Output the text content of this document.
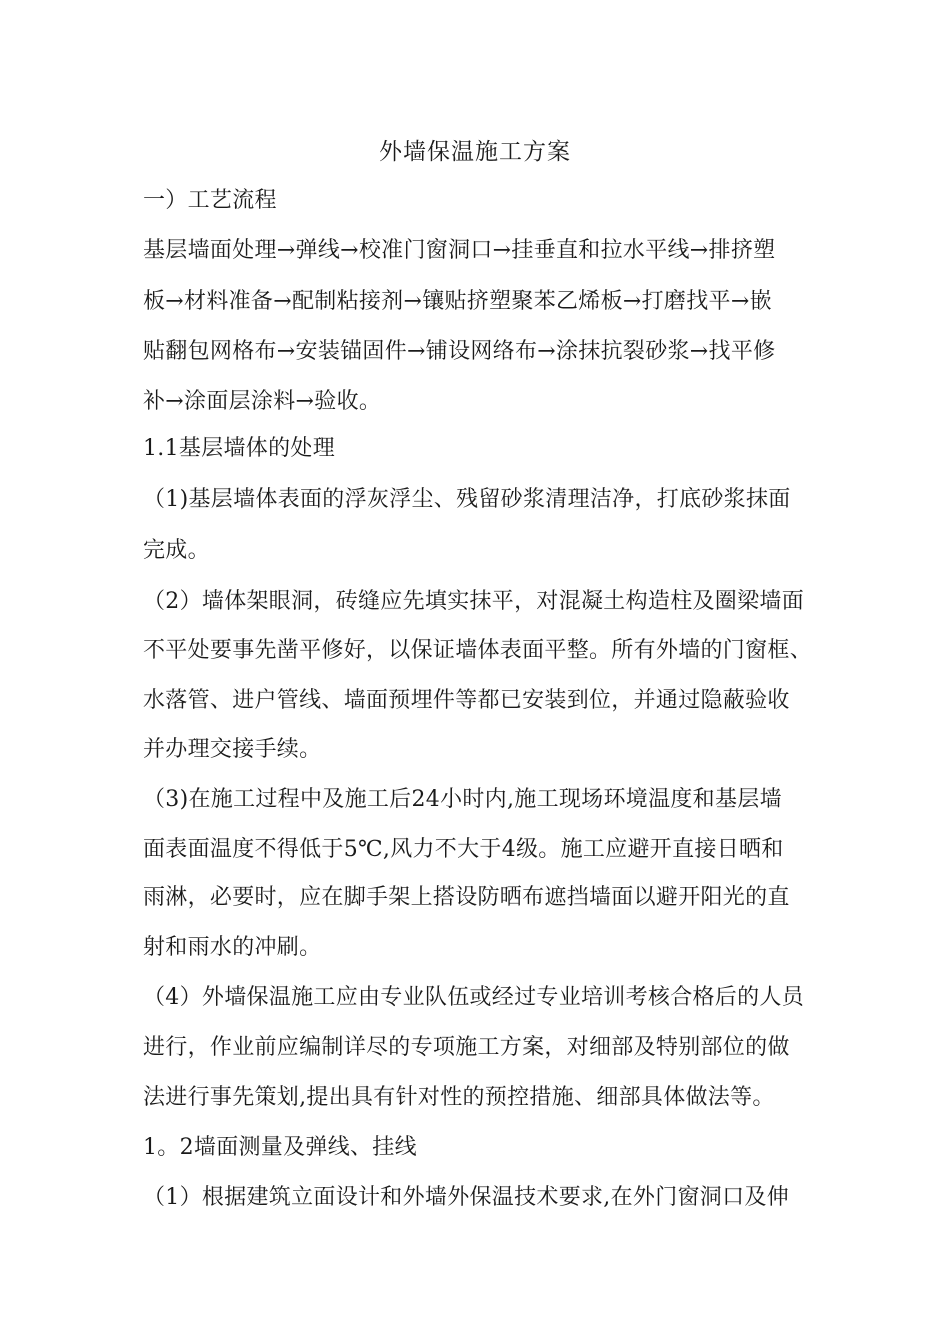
外墙保温施工方案
一）工艺流程
基层墙面处理→弹线→校准门窗洞口→挂垂直和拉水平线→排挤塑
板→材料准备→配制粘接剂→镶贴挤塑聚苯乙烯板→打磨找平→嵌
贴翻包网格布→安装锚固件→铺设网络布→涂抹抗裂砂浆→找平修
补→涂面层涂料→验收。
1.1基层墙体的处理
（1)基层墙体表面的浮灰浮尘、残留砂浆清理洁净，打底砂浆抹面
完成。
（2）墙体架眼洞，砖缝应先填实抹平，对混凝土构造柱及圈梁墙面
不平处要事先凿平修好，以保证墙体表面平整。所有外墙的门窗框、
水落管、进户管线、墙面预埋件等都已安装到位，并通过隐蔽验收
并办理交接手续。
（3)在施工过程中及施工后24小时内,施工现场环境温度和基层墙
面表面温度不得低于5℃,风力不大于4级。施工应避开直接日晒和
雨淋，必要时，应在脚手架上搭设防晒布遮挡墙面以避开阳光的直
射和雨水的冲刷。
（4）外墙保温施工应由专业队伍或经过专业培训考核合格后的人员
进行，作业前应编制详尽的专项施工方案，对细部及特别部位的做
法进行事先策划,提出具有针对性的预控措施、细部具体做法等。
1。2墙面测量及弹线、挂线
（1）根据建筑立面设计和外墙外保温技术要求,在外门窗洞口及伸
